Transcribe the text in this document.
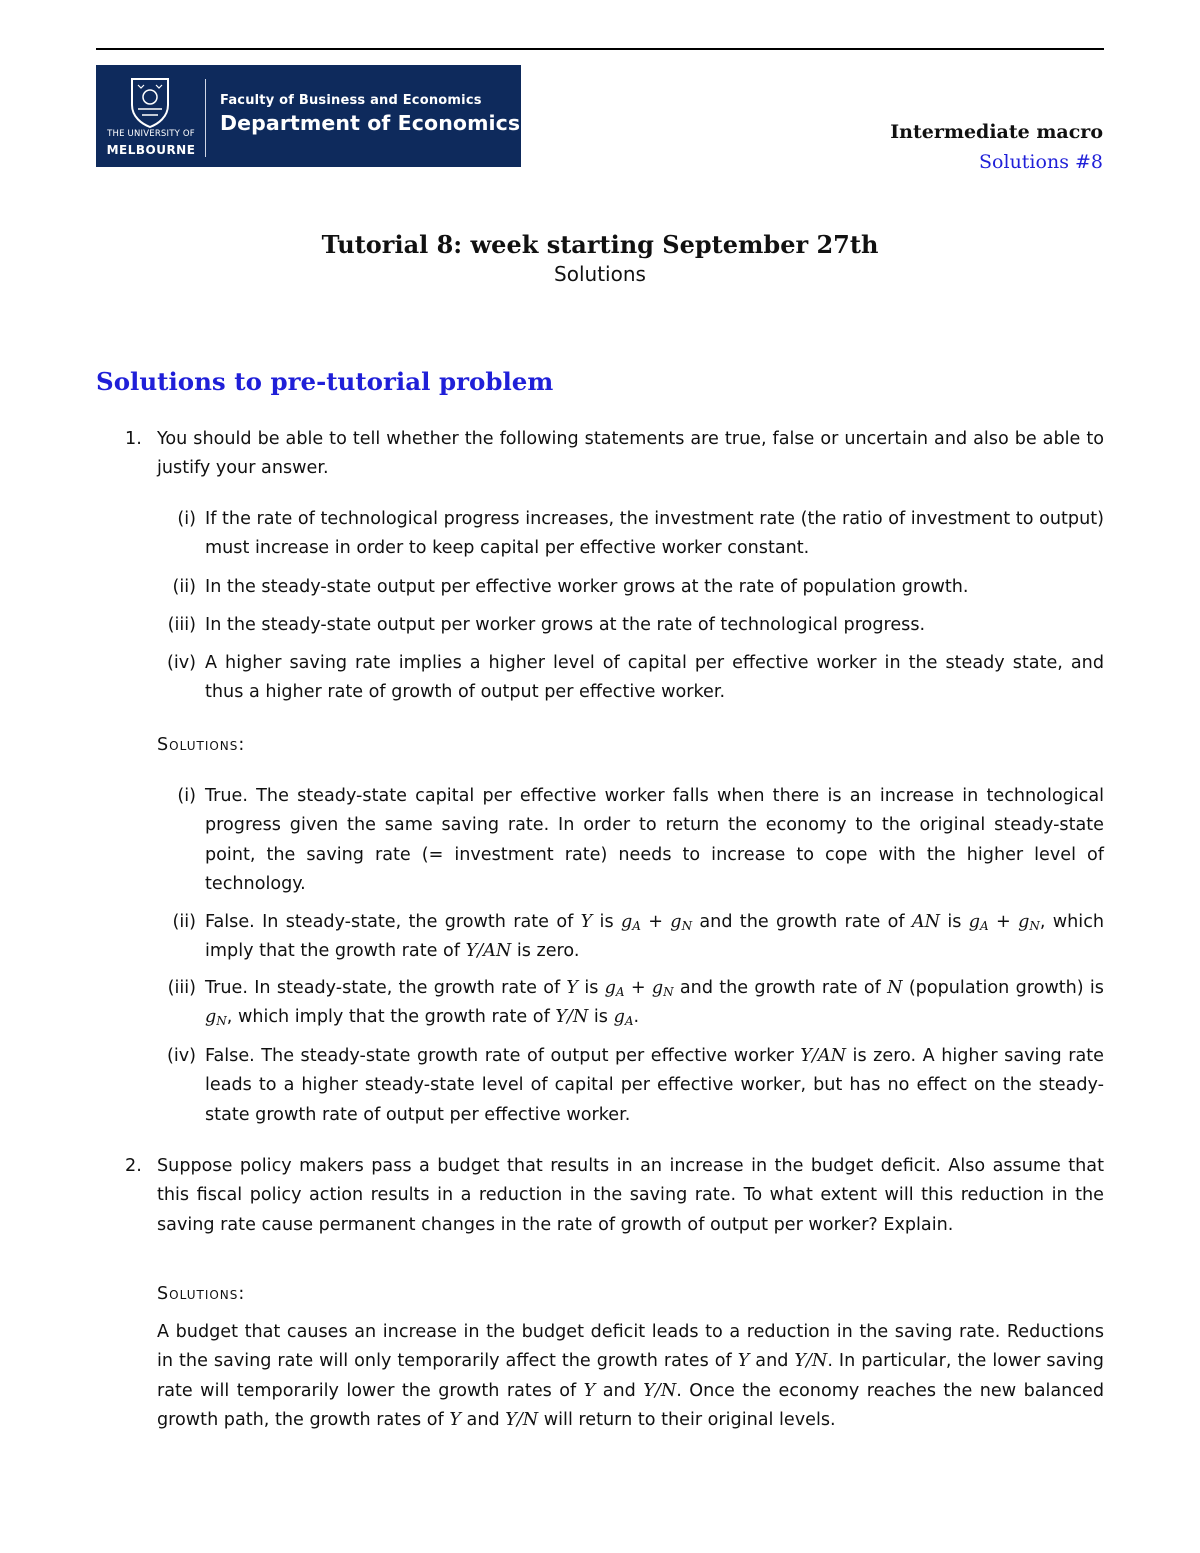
THE UNIVERSITY OF
MELBOURNE
Faculty of Business and Economics
Department of Economics	Intermediate macro
Solutions #8
Tutorial 8: week starting September 27th
Solutions
Solutions to pre-tutorial problem
1. You should be able to tell whether the following statements are true, false or uncertain and also be able to justify your answer.
(i) If the rate of technological progress increases, the investment rate (the ratio of investment to output) must increase in order to keep capital per effective worker constant.
(ii) In the steady-state output per effective worker grows at the rate of population growth.
(iii) In the steady-state output per worker grows at the rate of technological progress.
(iv) A higher saving rate implies a higher level of capital per effective worker in the steady state, and thus a higher rate of growth of output per effective worker.
Solutions:
(i) True. The steady-state capital per effective worker falls when there is an increase in technological progress given the same saving rate. In order to return the economy to the original steady-state point, the saving rate (= investment rate) needs to increase to cope with the higher level of technology.
(ii) False. In steady-state, the growth rate of Y is $g_A + g_N$ and the growth rate of AN is $g_A + g_N$, which imply that the growth rate of Y/AN is zero.
(iii) True. In steady-state, the growth rate of Y is $g_A + g_N$ and the growth rate of N (population growth) is $g_N$, which imply that the growth rate of Y/N is $g_A$.
(iv) False. The steady-state growth rate of output per effective worker Y/AN is zero. A higher saving rate leads to a higher steady-state level of capital per effective worker, but has no effect on the steady-state growth rate of output per effective worker.
2. Suppose policy makers pass a budget that results in an increase in the budget deficit. Also assume that this fiscal policy action results in a reduction in the saving rate. To what extent will this reduction in the saving rate cause permanent changes in the rate of growth of output per worker? Explain.
Solutions:
A budget that causes an increase in the budget deficit leads to a reduction in the saving rate. Reductions in the saving rate will only temporarily affect the growth rates of Y and Y/N. In particular, the lower saving rate will temporarily lower the growth rates of Y and Y/N. Once the economy reaches the new balanced growth path, the growth rates of Y and Y/N will return to their original levels.
